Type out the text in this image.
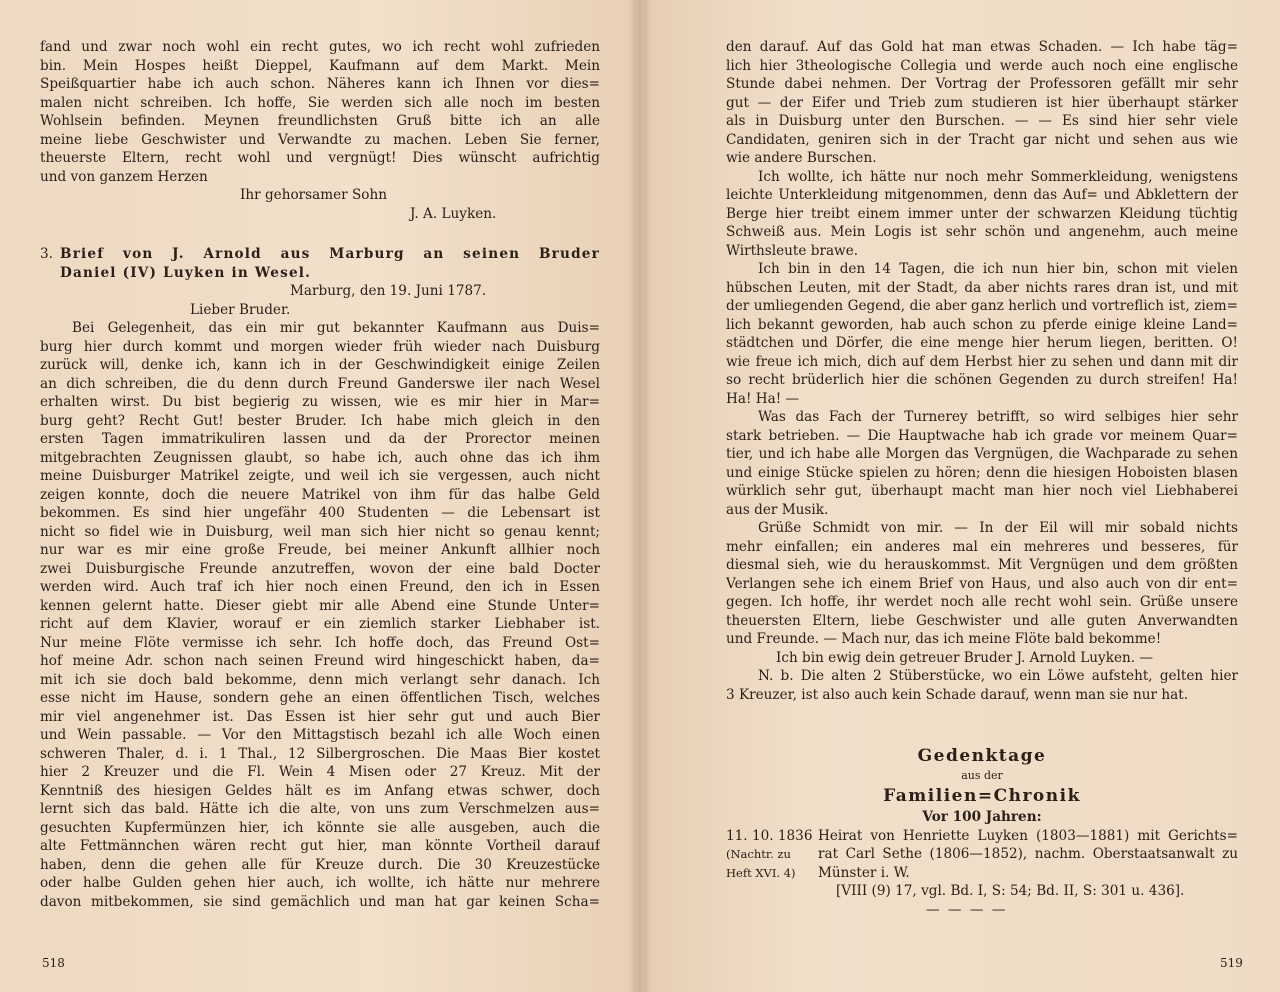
fand und zwar noch wohl ein recht gutes, wo ich recht wohl zufrieden
bin. Mein Hospes heißt Dieppel, Kaufmann auf dem Markt. Mein
Speißquartier habe ich auch schon. Näheres kann ich Ihnen vor dies=
malen nicht schreiben. Ich hoffe, Sie werden sich alle noch im besten
Wohlsein befinden. Meynen freundlichsten Gruß bitte ich an alle
meine liebe Geschwister und Verwandte zu machen. Leben Sie ferner,
theuerste Eltern, recht wohl und vergnügt! Dies wünscht aufrichtig
und von ganzem Herzen
Ihr gehorsamer Sohn
J. A. Luyken.
3. Brief von J. Arnold aus Marburg an seinen Bruder
Daniel (IV) Luyken in Wesel.
Marburg, den 19. Juni 1787.
Lieber Bruder.
Bei Gelegenheit, das ein mir gut bekannter Kaufmann aus Duis=
burg hier durch kommt und morgen wieder früh wieder nach Duisburg
zurück will, denke ich, kann ich in der Geschwindigkeit einige Zeilen
an dich schreiben, die du denn durch Freund Ganderswe iler nach Wesel
erhalten wirst. Du bist begierig zu wissen, wie es mir hier in Mar=
burg geht? Recht Gut! bester Bruder. Ich habe mich gleich in den
ersten Tagen immatrikuliren lassen und da der Prorector meinen
mitgebrachten Zeugnissen glaubt, so habe ich, auch ohne das ich ihm
meine Duisburger Matrikel zeigte, und weil ich sie vergessen, auch nicht
zeigen konnte, doch die neuere Matrikel von ihm für das halbe Geld
bekommen. Es sind hier ungefähr 400 Studenten — die Lebensart ist
nicht so fidel wie in Duisburg, weil man sich hier nicht so genau kennt;
nur war es mir eine große Freude, bei meiner Ankunft allhier noch
zwei Duisburgische Freunde anzutreffen, wovon der eine bald Docter
werden wird. Auch traf ich hier noch einen Freund, den ich in Essen
kennen gelernt hatte. Dieser giebt mir alle Abend eine Stunde Unter=
richt auf dem Klavier, worauf er ein ziemlich starker Liebhaber ist.
Nur meine Flöte vermisse ich sehr. Ich hoffe doch, das Freund Ost=
hof meine Adr. schon nach seinen Freund wird hingeschickt haben, da=
mit ich sie doch bald bekomme, denn mich verlangt sehr danach. Ich
esse nicht im Hause, sondern gehe an einen öffentlichen Tisch, welches
mir viel angenehmer ist. Das Essen ist hier sehr gut und auch Bier
und Wein passable. — Vor den Mittagstisch bezahl ich alle Woch einen
schweren Thaler, d. i. 1 Thal., 12 Silbergroschen. Die Maas Bier kostet
hier 2 Kreuzer und die Fl. Wein 4 Misen oder 27 Kreuz. Mit der
Kenntniß des hiesigen Geldes hält es im Anfang etwas schwer, doch
lernt sich das bald. Hätte ich die alte, von uns zum Verschmelzen aus=
gesuchten Kupfermünzen hier, ich könnte sie alle ausgeben, auch die
alte Fettmännchen wären recht gut hier, man könnte Vortheil darauf
haben, denn die gehen alle für Kreuze durch. Die 30 Kreuzestücke
oder halbe Gulden gehen hier auch, ich wollte, ich hätte nur mehrere
davon mitbekommen, sie sind gemächlich und man hat gar keinen Scha=
518
den darauf. Auf das Gold hat man etwas Schaden. — Ich habe täg=
lich hier 3theologische Collegia und werde auch noch eine englische
Stunde dabei nehmen. Der Vortrag der Professoren gefällt mir sehr
gut — der Eifer und Trieb zum studieren ist hier überhaupt stärker
als in Duisburg unter den Burschen. — — Es sind hier sehr viele
Candidaten, geniren sich in der Tracht gar nicht und sehen aus wie
wie andere Burschen.
Ich wollte, ich hätte nur noch mehr Sommerkleidung, wenigstens
leichte Unterkleidung mitgenommen, denn das Auf= und Abklettern der
Berge hier treibt einem immer unter der schwarzen Kleidung tüchtig
Schweiß aus. Mein Logis ist sehr schön und angenehm, auch meine
Wirthsleute brawe.
Ich bin in den 14 Tagen, die ich nun hier bin, schon mit vielen
hübschen Leuten, mit der Stadt, da aber nichts rares dran ist, und mit
der umliegenden Gegend, die aber ganz herlich und vortreflich ist, ziem=
lich bekannt geworden, hab auch schon zu pferde einige kleine Land=
städtchen und Dörfer, die eine menge hier herum liegen, beritten. O!
wie freue ich mich, dich auf dem Herbst hier zu sehen und dann mit dir
so recht brüderlich hier die schönen Gegenden zu durch streifen! Ha!
Ha! Ha! —
Was das Fach der Turnerey betrifft, so wird selbiges hier sehr
stark betrieben. — Die Hauptwache hab ich grade vor meinem Quar=
tier, und ich habe alle Morgen das Vergnügen, die Wachparade zu sehen
und einige Stücke spielen zu hören; denn die hiesigen Hoboisten blasen
würklich sehr gut, überhaupt macht man hier noch viel Liebhaberei
aus der Musik.
Grüße Schmidt von mir. — In der Eil will mir sobald nichts
mehr einfallen; ein anderes mal ein mehreres und besseres, für
diesmal sieh, wie du herauskommst. Mit Vergnügen und dem größten
Verlangen sehe ich einem Brief von Haus, und also auch von dir ent=
gegen. Ich hoffe, ihr werdet noch alle recht wohl sein. Grüße unsere
theuersten Eltern, liebe Geschwister und alle guten Anverwandten
und Freunde. — Mach nur, das ich meine Flöte bald bekomme!
Ich bin ewig dein getreuer Bruder J. Arnold Luyken. —
N. b. Die alten 2 Stüberstücke, wo ein Löwe aufsteht, gelten hier
3 Kreuzer, ist also auch kein Schade darauf, wenn man sie nur hat.
Gedenktage
aus der
Familien=Chronik
Vor 100 Jahren:
11. 10. 1836 Heirat von Henriette Luyken (1803—1881) mit Gerichts=
(Nachtr. zu	rat Carl Sethe (1806—1852), nachm. Oberstaatsanwalt zu
Heft XVI. 4)	Münster i. W.
[VIII (9) 17, vgl. Bd. I, S: 54; Bd. II, S: 301 u. 436].
— — — —
519
